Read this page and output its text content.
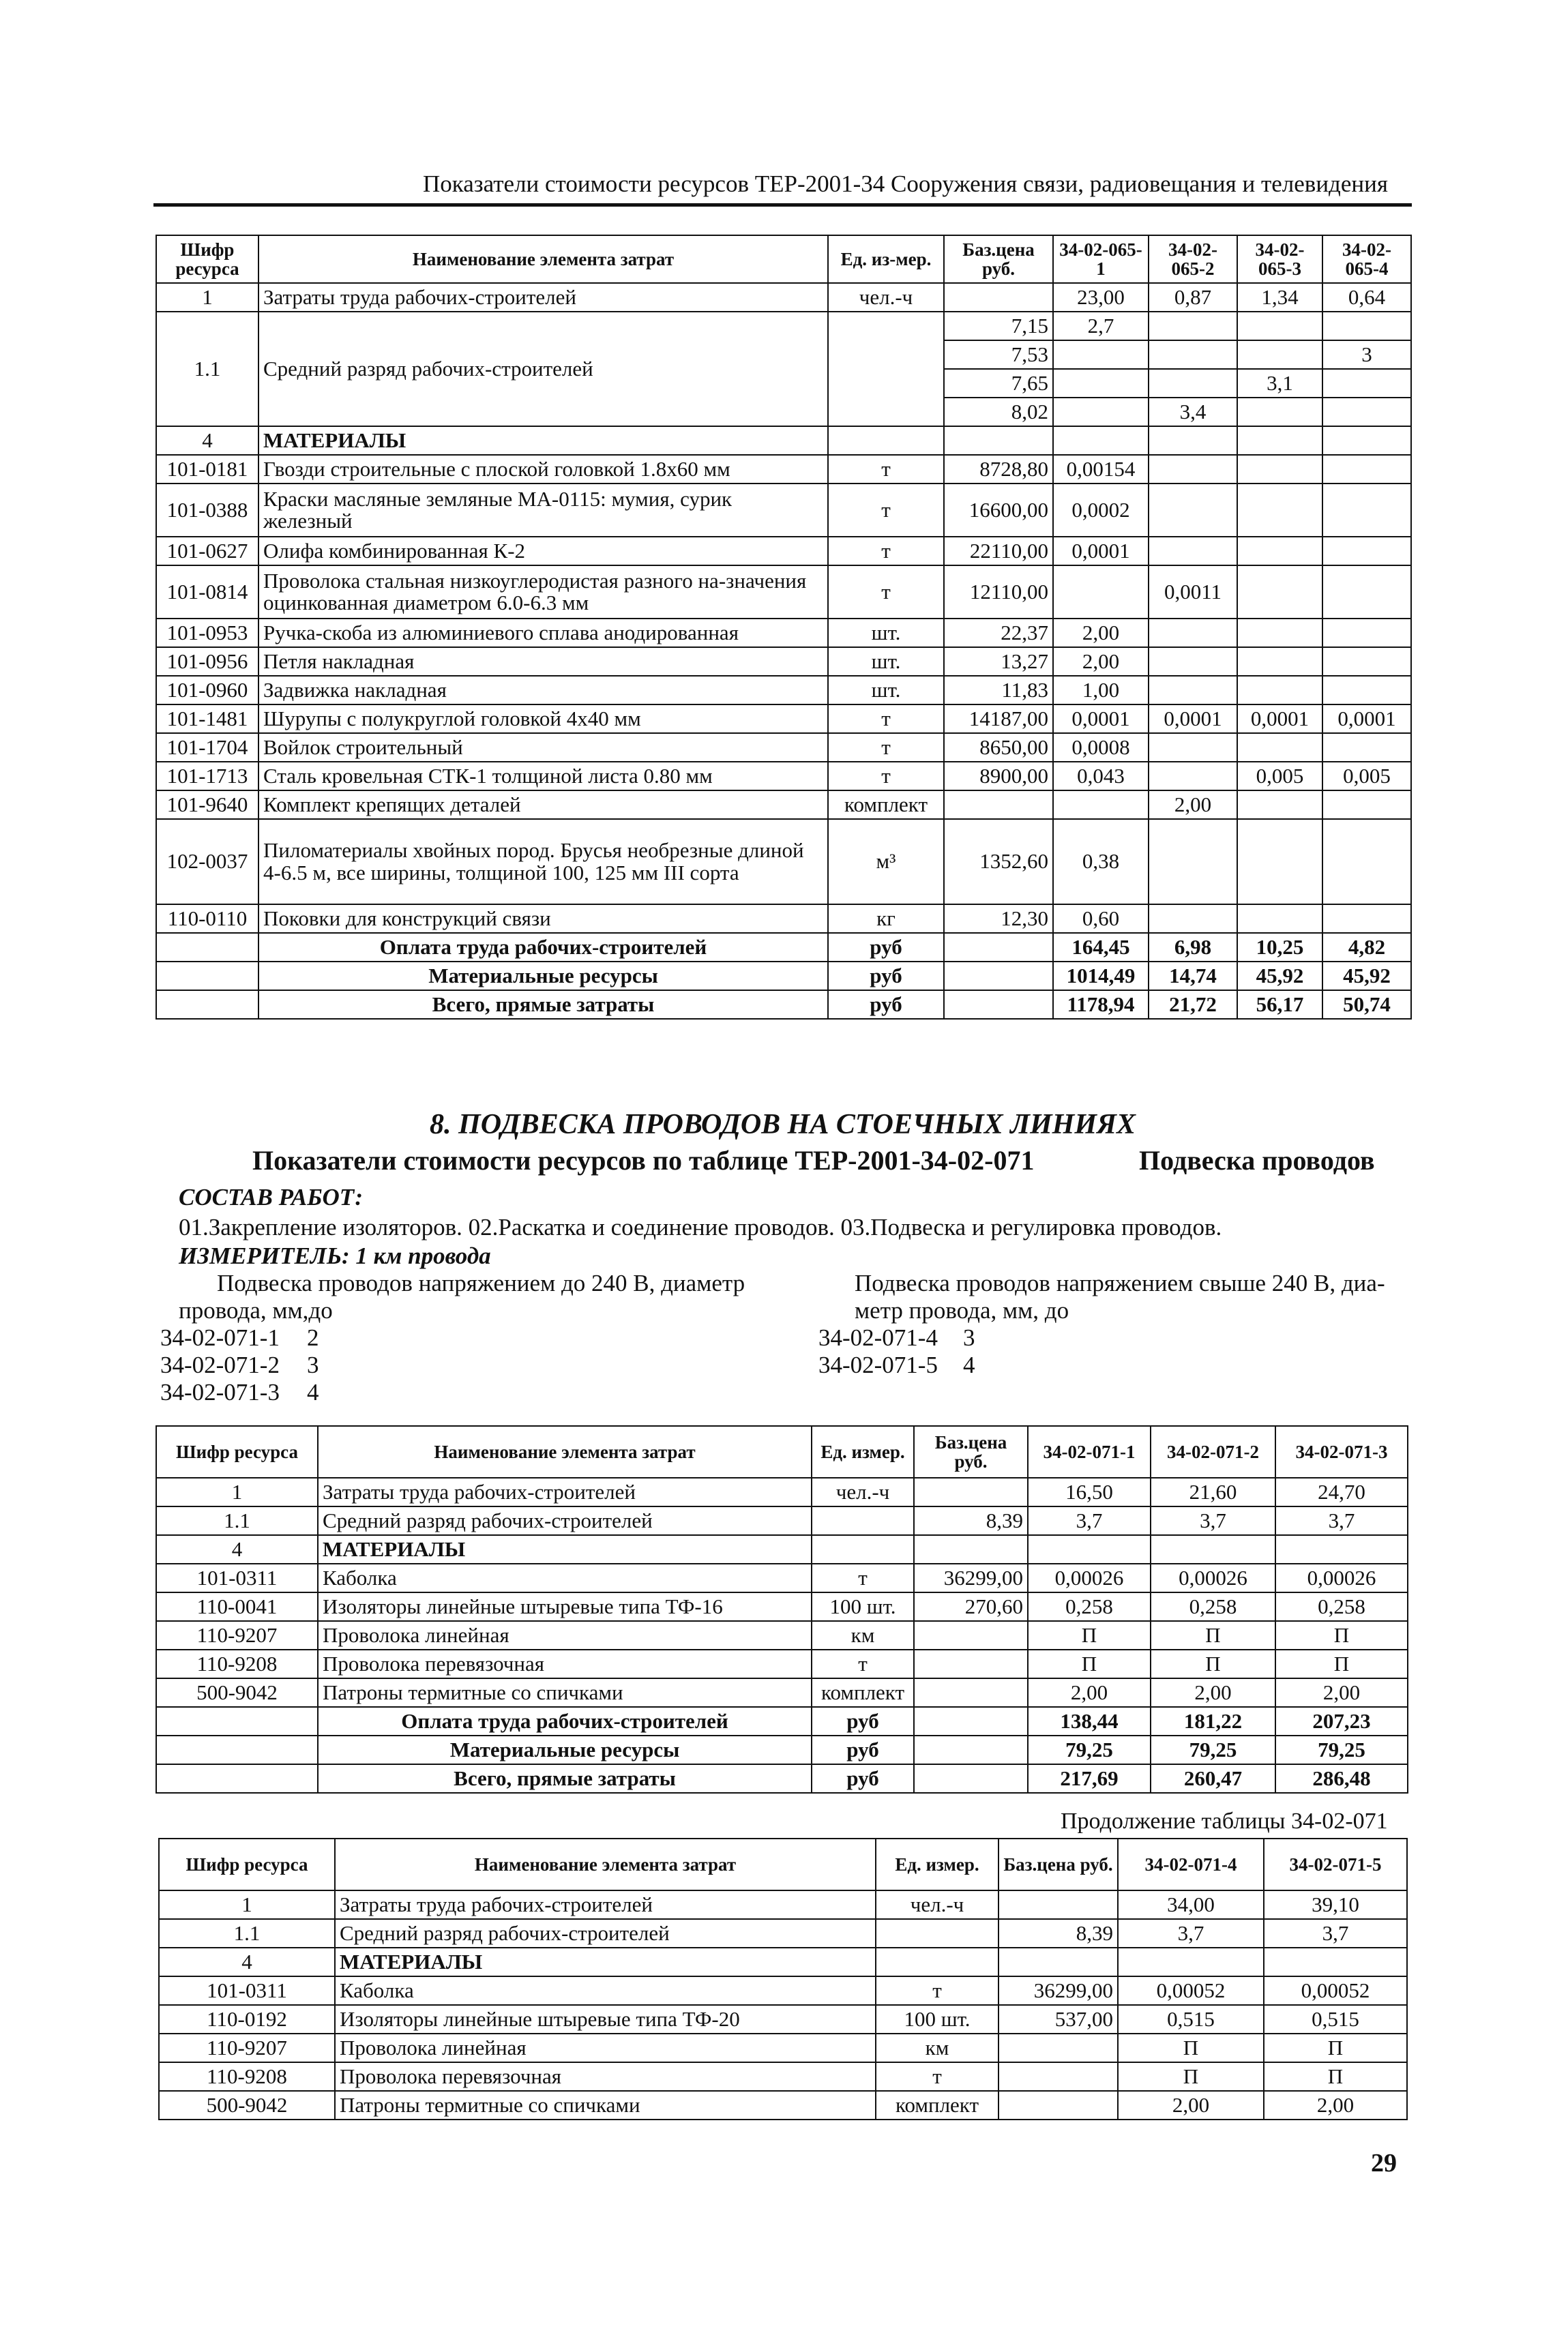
Показатели стоимости ресурсов ТЕР-2001-34 Сооружения связи, радиовещания и телевидения
Шифр ресурса	Наименование элемента затрат	Ед. из-мер.	Баз.цена руб.	34-02-065-1	34-02-065-2	34-02-065-3	34-02-065-4
1	Затраты труда рабочих-строителей	чел.-ч		23,00	0,87	1,34	0,64
1.1	Средний разряд рабочих-строителей		7,15	2,7			
			7,53				3
			7,65			3,1	
			8,02		3,4		
4	МАТЕРИАЛЫ						
101-0181	Гвозди строительные с плоской головкой 1.8х60 мм	т	8728,80	0,00154			
101-0388	Краски масляные земляные МА-0115: мумия, сурик железный	т	16600,00	0,0002			
101-0627	Олифа комбинированная К-2	т	22110,00	0,0001			
101-0814	Проволока стальная низкоуглеродистая разного на-значения оцинкованная диаметром 6.0-6.3 мм	т	12110,00		0,0011		
101-0953	Ручка-скоба из алюминиевого сплава анодированная	шт.	22,37	2,00			
101-0956	Петля накладная	шт.	13,27	2,00			
101-0960	Задвижка накладная	шт.	11,83	1,00			
101-1481	Шурупы с полукруглой головкой 4х40 мм	т	14187,00	0,0001	0,0001	0,0001	0,0001
101-1704	Войлок строительный	т	8650,00	0,0008			
101-1713	Сталь кровельная СТК-1 толщиной листа 0.80 мм	т	8900,00	0,043		0,005	0,005
101-9640	Комплект крепящих деталей	комплект			2,00		
102-0037	Пиломатериалы хвойных пород. Брусья необрезные длиной 4-6.5 м, все ширины, толщиной 100, 125 мм III сорта	м³	1352,60	0,38			
110-0110	Поковки для конструкций связи	кг	12,30	0,60			
	Оплата труда рабочих-строителей	руб		164,45	6,98	10,25	4,82
	Материальные ресурсы	руб		1014,49	14,74	45,92	45,92
	Всего, прямые затраты	руб		1178,94	21,72	56,17	50,74
8. ПОДВЕСКА ПРОВОДОВ НА СТОЕЧНЫХ ЛИНИЯХ
Показатели стоимости ресурсов по таблице ТЕР-2001-34-02-071	Подвеска проводов
СОСТАВ РАБОТ:
01.Закрепление изоляторов. 02.Раскатка и соединение проводов. 03.Подвеска и регулировка проводов.
ИЗМЕРИТЕЛЬ: 1 км провода
Подвеска проводов напряжением до 240 В, диаметр
провода, мм,до
Подвеска проводов напряжением свыше 240 В, диа-
метр провода, мм, до
34-02-071-1 2
34-02-071-2 3
34-02-071-3 4
34-02-071-4 3
34-02-071-5 4
Шифр ресурса	Наименование элемента затрат	Ед. измер.	Баз.цена руб.	34-02-071-1	34-02-071-2	34-02-071-3
1	Затраты труда рабочих-строителей	чел.-ч		16,50	21,60	24,70
1.1	Средний разряд рабочих-строителей		8,39	3,7	3,7	3,7
4	МАТЕРИАЛЫ					
101-0311	Каболка	т	36299,00	0,00026	0,00026	0,00026
110-0041	Изоляторы линейные штыревые типа ТФ-16	100 шт.	270,60	0,258	0,258	0,258
110-9207	Проволока линейная	км		П	П	П
110-9208	Проволока перевязочная	т		П	П	П
500-9042	Патроны термитные со спичками	комплект		2,00	2,00	2,00
	Оплата труда рабочих-строителей	руб		138,44	181,22	207,23
	Материальные ресурсы	руб		79,25	79,25	79,25
	Всего, прямые затраты	руб		217,69	260,47	286,48
Продолжение таблицы 34-02-071
Шифр ресурса	Наименование элемента затрат	Ед. измер.	Баз.цена руб.	34-02-071-4	34-02-071-5
1	Затраты труда рабочих-строителей	чел.-ч		34,00	39,10
1.1	Средний разряд рабочих-строителей		8,39	3,7	3,7
4	МАТЕРИАЛЫ				
101-0311	Каболка	т	36299,00	0,00052	0,00052
110-0192	Изоляторы линейные штыревые типа ТФ-20	100 шт.	537,00	0,515	0,515
110-9207	Проволока линейная	км		П	П
110-9208	Проволока перевязочная	т		П	П
500-9042	Патроны термитные со спичками	комплект		2,00	2,00
29
